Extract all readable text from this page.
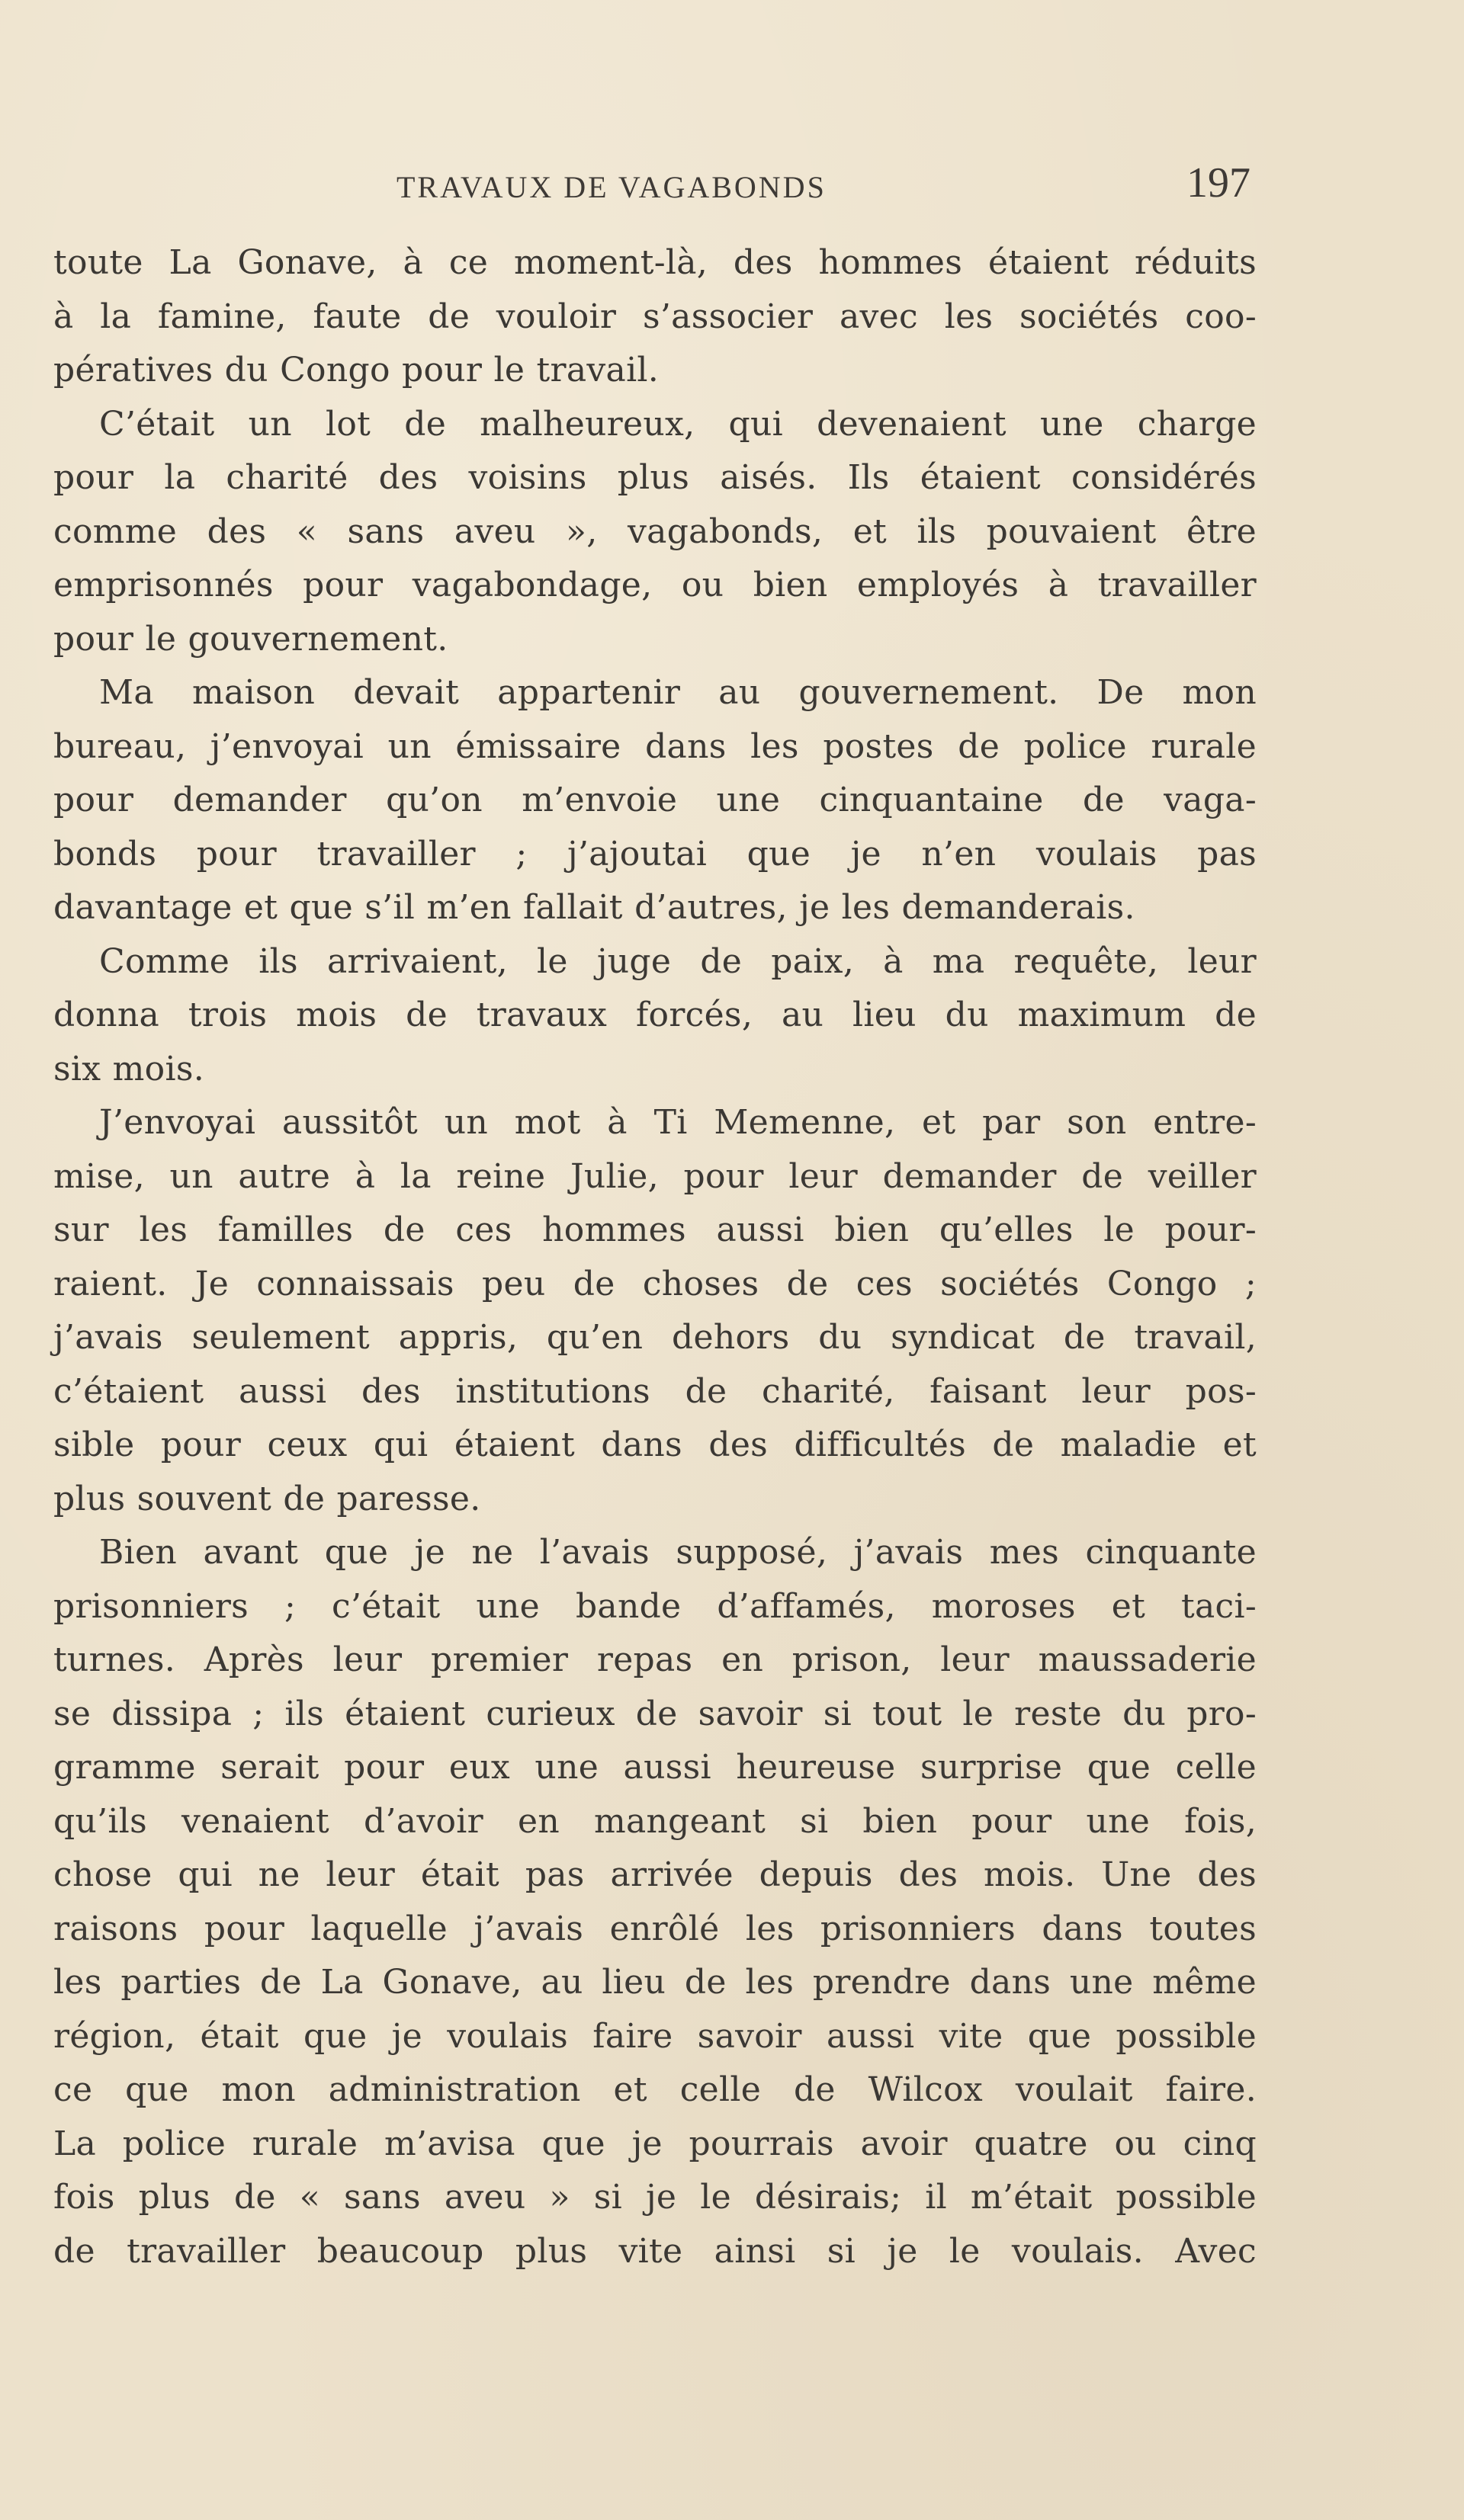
TRAVAUX DE VAGABONDS	197
toute La Gonave, à ce moment-là, des hommes étaient réduits
à la famine, faute de vouloir s’associer avec les sociétés coo-
pératives du Congo pour le travail.
C’était un lot de malheureux, qui devenaient une charge
pour la charité des voisins plus aisés. Ils étaient considérés
comme des « sans aveu », vagabonds, et ils pouvaient être
emprisonnés pour vagabondage, ou bien employés à travailler
pour le gouvernement.
Ma maison devait appartenir au gouvernement. De mon
bureau, j’envoyai un émissaire dans les postes de police rurale
pour demander qu’on m’envoie une cinquantaine de vaga-
bonds pour travailler ; j’ajoutai que je n’en voulais pas
davantage et que s’il m’en fallait d’autres, je les demanderais.
Comme ils arrivaient, le juge de paix, à ma requête, leur
donna trois mois de travaux forcés, au lieu du maximum de
six mois.
J’envoyai aussitôt un mot à Ti Memenne, et par son entre-
mise, un autre à la reine Julie, pour leur demander de veiller
sur les familles de ces hommes aussi bien qu’elles le pour-
raient. Je connaissais peu de choses de ces sociétés Congo ;
j’avais seulement appris, qu’en dehors du syndicat de travail,
c’étaient aussi des institutions de charité, faisant leur pos-
sible pour ceux qui étaient dans des difficultés de maladie et
plus souvent de paresse.
Bien avant que je ne l’avais supposé, j’avais mes cinquante
prisonniers ; c’était une bande d’affamés, moroses et taci-
turnes. Après leur premier repas en prison, leur maussaderie
se dissipa ; ils étaient curieux de savoir si tout le reste du pro-
gramme serait pour eux une aussi heureuse surprise que celle
qu’ils venaient d’avoir en mangeant si bien pour une fois,
chose qui ne leur était pas arrivée depuis des mois. Une des
raisons pour laquelle j’avais enrôlé les prisonniers dans toutes
les parties de La Gonave, au lieu de les prendre dans une même
région, était que je voulais faire savoir aussi vite que possible
ce que mon administration et celle de Wilcox voulait faire.
La police rurale m’avisa que je pourrais avoir quatre ou cinq
fois plus de « sans aveu » si je le désirais; il m’était possible
de travailler beaucoup plus vite ainsi si je le voulais. Avec
